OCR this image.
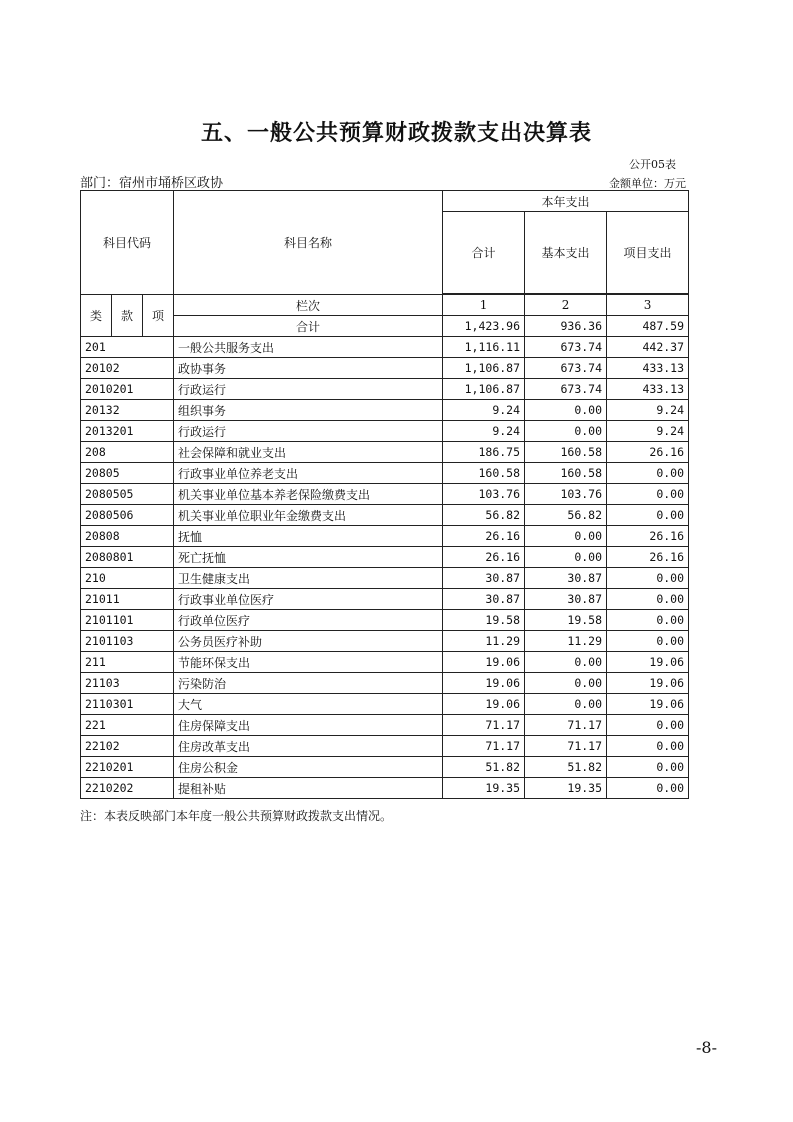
五、一般公共预算财政拨款支出决算表
公开05表
部门：宿州市埇桥区政协	金额单位：万元
科目代码			科目名称	本年支出		
				合计	基本支出	项目支出

类	款	项	栏次	1	2	3
			合计	1,423.96	936.36	487.59
201			一般公共服务支出	1,116.11	673.74	442.37
20102			政协事务	1,106.87	673.74	433.13
2010201			行政运行	1,106.87	673.74	433.13
20132			组织事务	9.24	0.00	9.24
2013201			行政运行	9.24	0.00	9.24
208			社会保障和就业支出	186.75	160.58	26.16
20805			行政事业单位养老支出	160.58	160.58	0.00
2080505			机关事业单位基本养老保险缴费支出	103.76	103.76	0.00
2080506			机关事业单位职业年金缴费支出	56.82	56.82	0.00
20808			抚恤	26.16	0.00	26.16
2080801			死亡抚恤	26.16	0.00	26.16
210			卫生健康支出	30.87	30.87	0.00
21011			行政事业单位医疗	30.87	30.87	0.00
2101101			行政单位医疗	19.58	19.58	0.00
2101103			公务员医疗补助	11.29	11.29	0.00
211			节能环保支出	19.06	0.00	19.06
21103			污染防治	19.06	0.00	19.06
2110301			大气	19.06	0.00	19.06
221			住房保障支出	71.17	71.17	0.00
22102			住房改革支出	71.17	71.17	0.00
2210201			住房公积金	51.82	51.82	0.00
2210202			提租补贴	19.35	19.35	0.00
注：本表反映部门本年度一般公共预算财政拨款支出情况。
-8-
